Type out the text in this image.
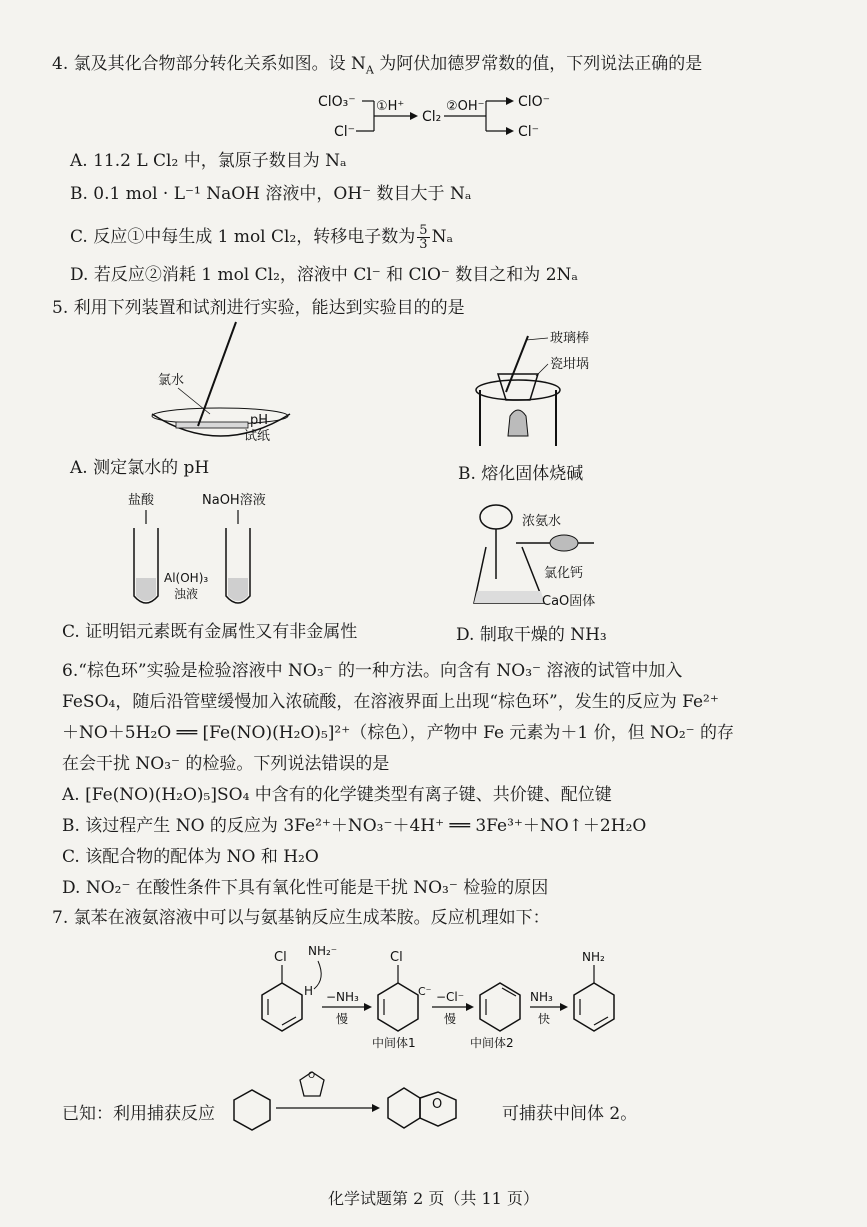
4. 氯及其化合物部分转化关系如图。设 $N_A$ 为阿伏加德罗常数的值，下列说法正确的是
ClO₃⁻
Cl⁻
①H⁺
Cl₂
②OH⁻ ClO⁻
Cl⁻
A. 11.2 L Cl₂ 中，氯原子数目为 Nₐ
B. 0.1 mol · L⁻¹ NaOH 溶液中，OH⁻ 数目大于 Nₐ
C. 反应①中每生成 1 mol Cl₂，转移电子数为 $\frac{5}{3}$ Nₐ
D. 若反应②消耗 1 mol Cl₂，溶液中 Cl⁻ 和 ClO⁻ 数目之和为 2Nₐ
5. 利用下列装置和试剂进行实验，能达到实验目的的是
氯水
pH
试纸
玻璃棒
瓷坩埚
A. 测定氯水的 pH	B. 熔化固体烧碱
盐酸	NaOH溶液
Al(OH)₃
浊液
浓氨水
氯化钙
CaO固体
C. 证明铝元素既有金属性又有非金属性	D. 制取干燥的 NH₃
6.“棕色环”实验是检验溶液中 NO₃⁻ 的一种方法。向含有 NO₃⁻ 溶液的试管中加入
FeSO₄，随后沿管壁缓慢加入浓硫酸，在溶液界面上出现“棕色环”，发生的反应为 Fe²⁺
＋NO＋5H₂O ══ [Fe(NO)(H₂O)₅]²⁺（棕色），产物中 Fe 元素为＋1 价，但 NO₂⁻ 的存
在会干扰 NO₃⁻ 的检验。下列说法错误的是
A. [Fe(NO)(H₂O)₅]SO₄ 中含有的化学键类型有离子键、共价键、配位键
B. 该过程产生 NO 的反应为 3Fe²⁺＋NO₃⁻＋4H⁺ ══ 3Fe³⁺＋NO↑＋2H₂O
C. 该配合物的配体为 NO 和 H₂O
D. NO₂⁻ 在酸性条件下具有氧化性可能是干扰 NO₃⁻ 检验的原因
7. 氯苯在液氨溶液中可以与氨基钠反应生成苯胺。反应机理如下：
Cl
H
NH₂⁻
−NH₃
慢
Cl
C⁻
中间体1
−Cl⁻
慢
中间体2
NH₃
快
NH₂
已知：利用捕获反应
O
O	可捕获中间体 2。
化学试题第 2 页（共 11 页）
